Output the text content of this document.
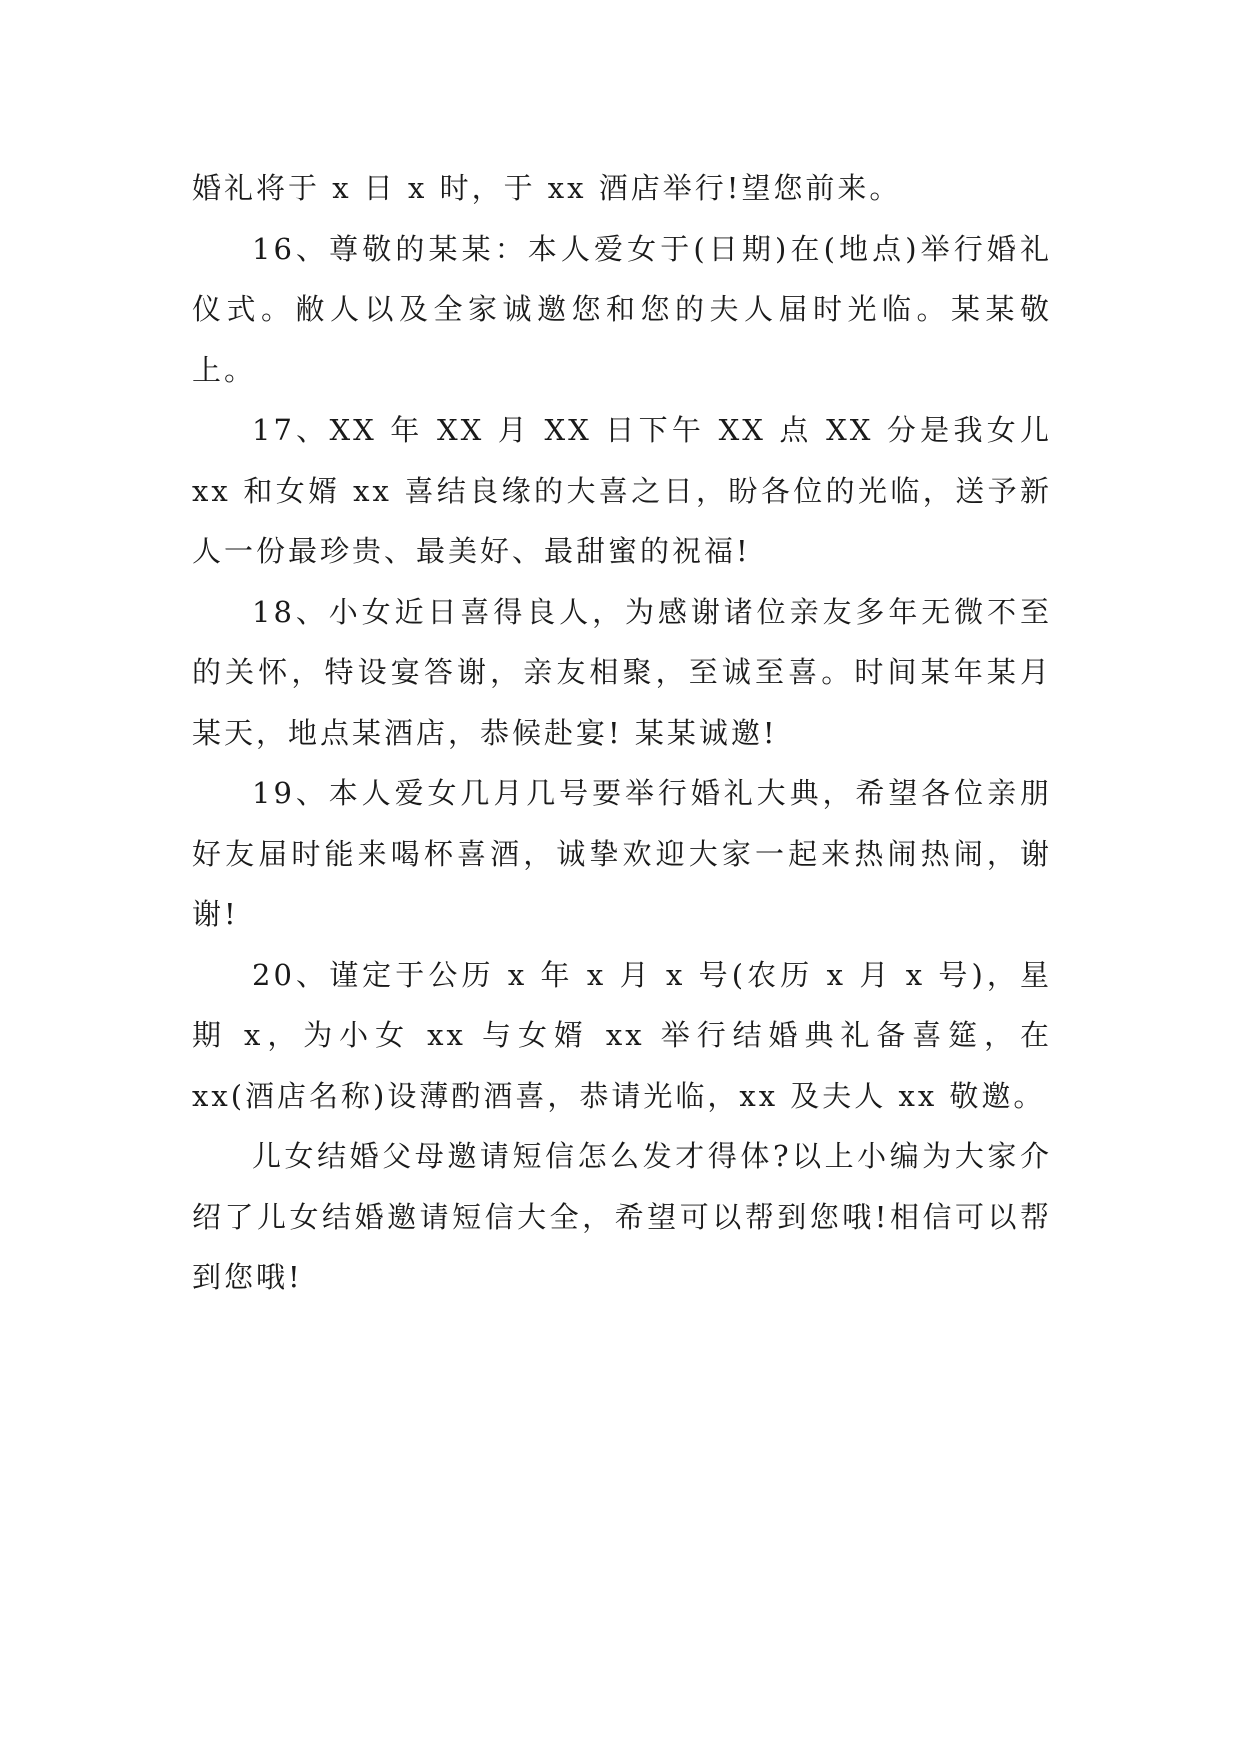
婚礼将于 x 日 x 时，于 xx 酒店举行!望您前来。

16、尊敬的某某：本人爱女于(日期)在(地点)举行婚礼仪式。敝人以及全家诚邀您和您的夫人届时光临。某某敬上。

17、XX 年 XX 月 XX 日下午 XX 点 XX 分是我女儿 xx 和女婿 xx 喜结良缘的大喜之日，盼各位的光临，送予新人一份最珍贵、最美好、最甜蜜的祝福!

18、小女近日喜得良人，为感谢诸位亲友多年无微不至的关怀，特设宴答谢，亲友相聚，至诚至喜。时间某年某月某天，地点某酒店，恭候赴宴! 某某诚邀!

19、本人爱女几月几号要举行婚礼大典，希望各位亲朋好友届时能来喝杯喜酒，诚挚欢迎大家一起来热闹热闹，谢谢!

20、谨定于公历 x 年 x 月 x 号(农历 x 月 x 号)，星期 x，为小女 xx 与女婿 xx 举行结婚典礼备喜筵，在 xx(酒店名称)设薄酌酒喜，恭请光临，xx 及夫人 xx 敬邀。

儿女结婚父母邀请短信怎么发才得体?以上小编为大家介绍了儿女结婚邀请短信大全，希望可以帮到您哦!相信可以帮到您哦!
